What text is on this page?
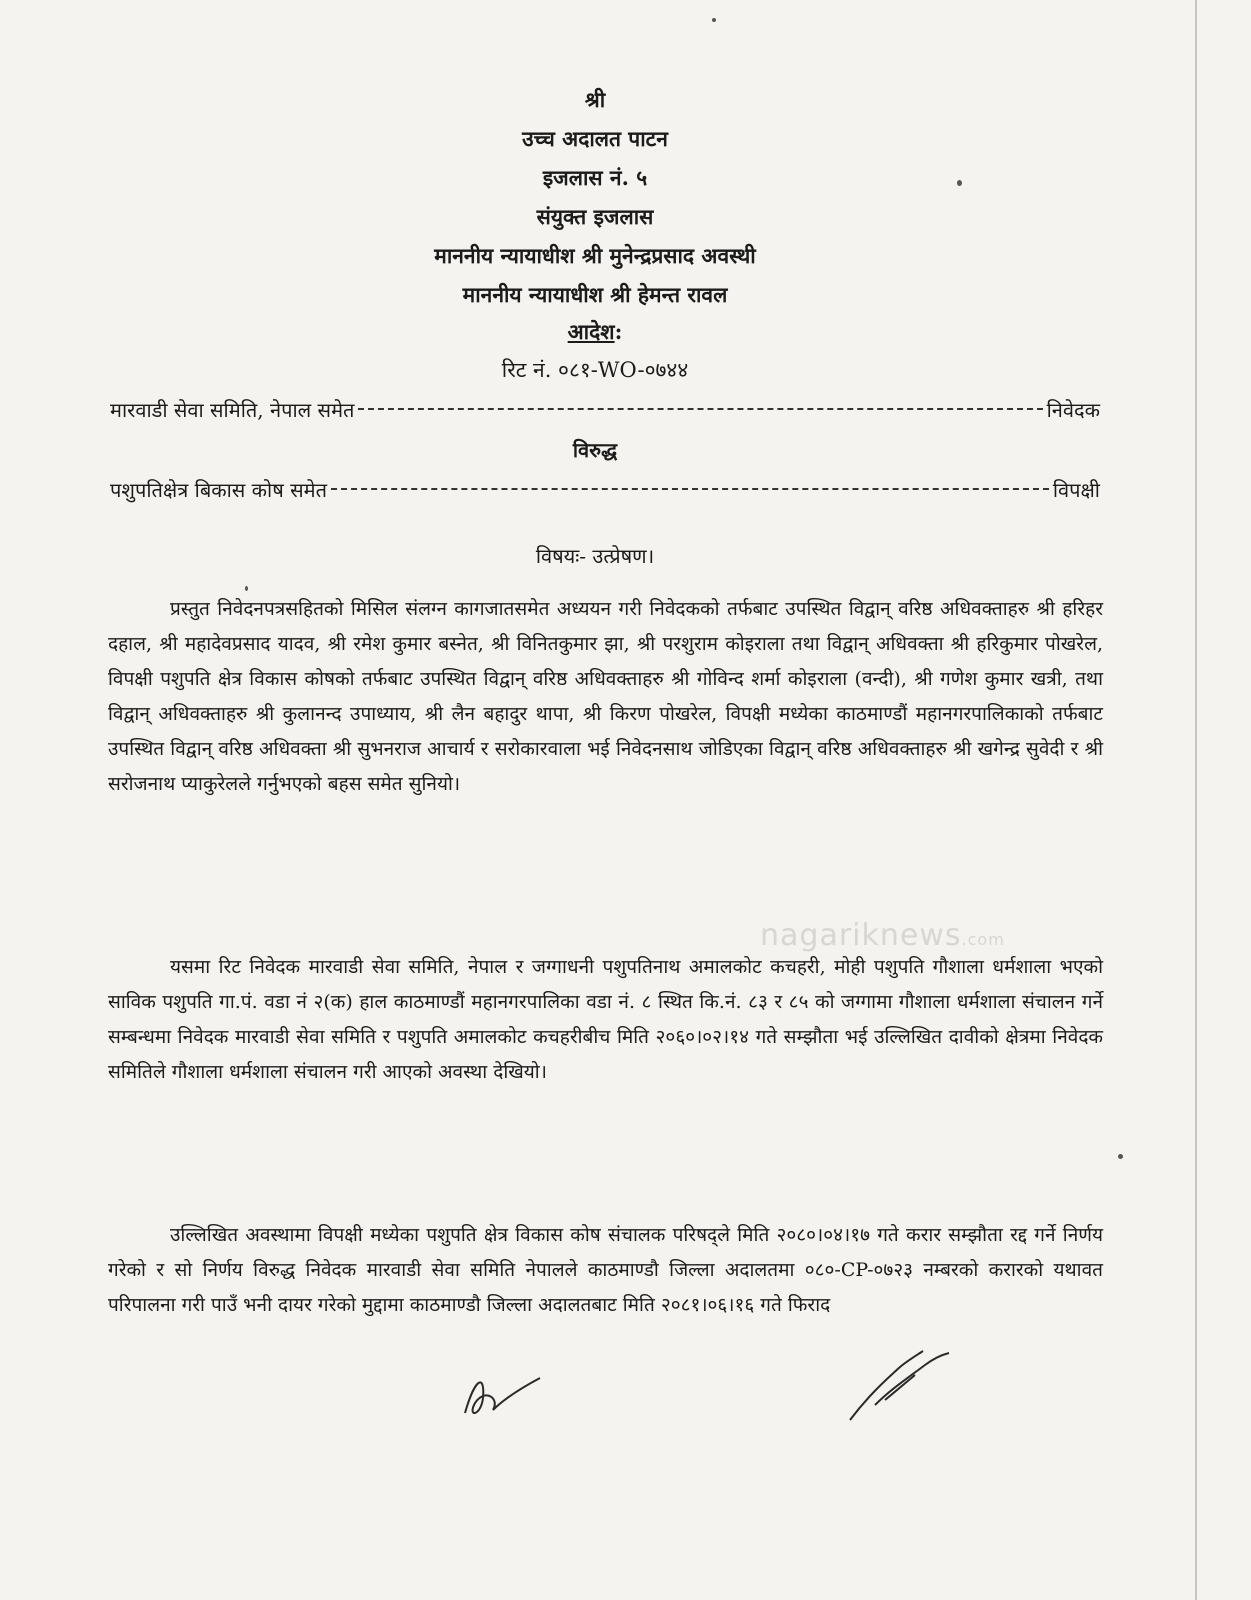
श्री
उच्च अदालत पाटन
इजलास नं. ५
संयुक्त इजलास
माननीय न्यायाधीश श्री मुनेन्द्रप्रसाद अवस्थी
माननीय न्यायाधीश श्री हेमन्त रावल
आदेश:
रिट नं. ०८१-WO-०७४४
मारवाडी सेवा समिति, नेपाल समेत	निवेदक
विरुद्ध
पशुपतिक्षेत्र बिकास कोष समेत	विपक्षी
विषयः- उत्प्रेषण।

प्रस्तुत निवेदनपत्रसहितको मिसिल संलग्न कागजातसमेत अध्ययन गरी निवेदकको तर्फबाट उपस्थित विद्वान् वरिष्ठ अधिवक्ताहरु श्री हरिहर दहाल, श्री महादेवप्रसाद यादव, श्री रमेश कुमार बस्नेत, श्री विनितकुमार झा, श्री परशुराम कोइराला तथा विद्वान् अधिवक्ता श्री हरिकुमार पोखरेल, विपक्षी पशुपति क्षेत्र विकास कोषको तर्फबाट उपस्थित विद्वान् वरिष्ठ अधिवक्ताहरु श्री गोविन्द शर्मा कोइराला (वन्दी), श्री गणेश कुमार खत्री, तथा विद्वान् अधिवक्ताहरु श्री कुलानन्द उपाध्याय, श्री लैन बहादुर थापा, श्री किरण पोखरेल, विपक्षी मध्येका काठमाण्डौं महानगरपालिकाको तर्फबाट उपस्थित विद्वान् वरिष्ठ अधिवक्ता श्री सुभनराज आचार्य र सरोकारवाला भई निवेदनसाथ जोडिएका विद्वान् वरिष्ठ अधिवक्ताहरु श्री खगेन्द्र सुवेदी र श्री सरोजनाथ प्याकुरेलले गर्नुभएको बहस समेत सुनियो।

यसमा रिट निवेदक मारवाडी सेवा समिति, नेपाल र जग्गाधनी पशुपतिनाथ अमालकोट कचहरी, मोही पशुपति गौशाला धर्मशाला भएको साविक पशुपति गा.पं. वडा नं २(क) हाल काठमाण्डौं महानगरपालिका वडा नं. ८ स्थित कि.नं. ८३ र ८५ को जग्गामा गौशाला धर्मशाला संचालन गर्ने सम्बन्धमा निवेदक मारवाडी सेवा समिति र पशुपति अमालकोट कचहरीबीच मिति २०६०।०२।१४ गते सम्झौता भई उल्लिखित दावीको क्षेत्रमा निवेदक समितिले गौशाला धर्मशाला संचालन गरी आएको अवस्था देखियो।

उल्लिखित अवस्थामा विपक्षी मध्येका पशुपति क्षेत्र विकास कोष संचालक परिषद्ले मिति २०८०।०४।१७ गते करार सम्झौता रद्द गर्ने निर्णय गरेको र सो निर्णय विरुद्ध निवेदक मारवाडी सेवा समिति नेपालले काठमाण्डौ जिल्ला अदालतमा ०८०-CP-०७२३ नम्बरको करारको यथावत परिपालना गरी पाउँ भनी दायर गरेको मुद्दामा काठमाण्डौ जिल्ला अदालतबाट मिति २०८१।०६।१६ गते फिराद

nagariknews.com
